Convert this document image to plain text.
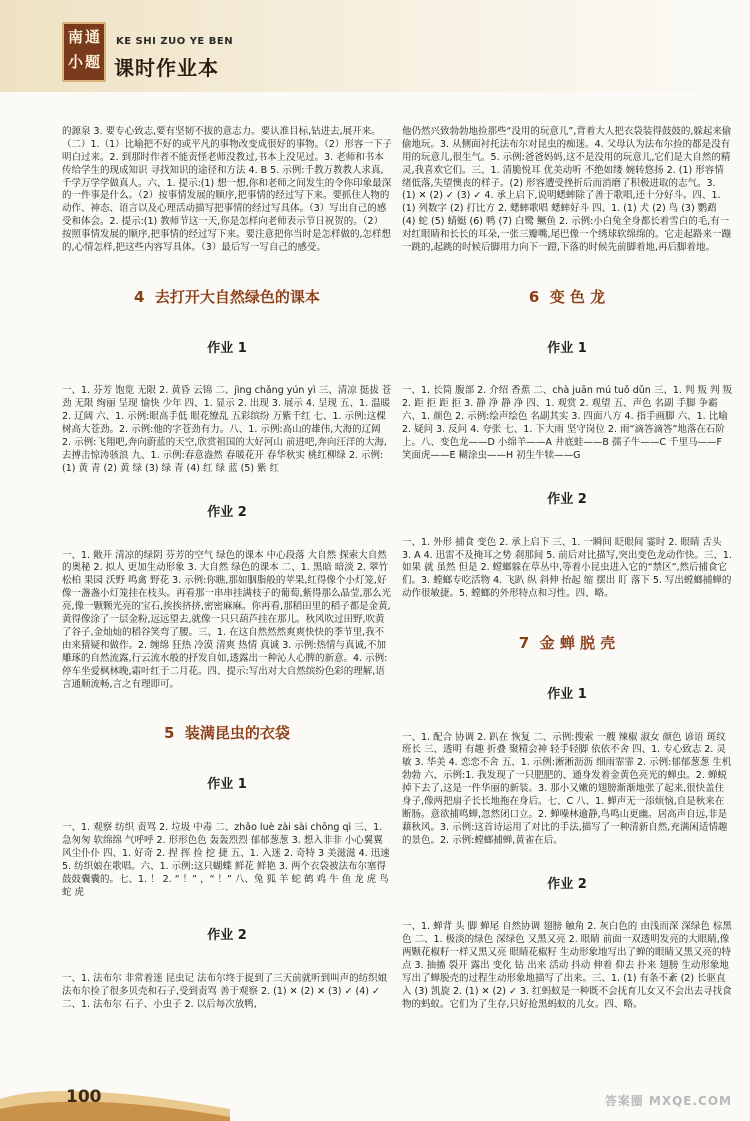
南 通
小 题
KE SHI ZUO YE BEN
课时作业本

的源泉 3. 要专心致志,要有坚韧不拔的意志力。要认准目标,钻进去,展开来。（二）1.（1）比喻把不好的或平凡的事物改变成很好的事物。（2）形容一下子明白过来。2. 到那时作者不能责怪老师没教过,书本上没见过。3. 老师和书本传给学生的现成知识 寻找知识的途径和方法 4. B 5. 示例:千教万教教人求真,千学万学学做真人。六、1. 提示:(1) 想一想,你和老师之间发生的令你印象最深的一件事是什么。（2）按事情发展的顺序,把事情的经过写下来。要抓住人物的动作、神态、语言以及心理活动描写把事情的经过写具体。（3）写出自己的感受和体会。2. 提示:(1) 教师节这一天,你是怎样向老师表示节日祝贺的。（2）按照事情发展的顺序,把事情的经过写下来。要注意把你当时是怎样做的,怎样想的,心情怎样,把这些内容写具体。（3）最后写一写自己的感受。

4  去打开大自然绿色的课本

作业 1

一、1. 芬芳 饱览 无限 2. 黄昏 云锦 二、jìng chǎng yún yì 三、清凉 挺拔 苍劲 无限 绚丽 呈现 愉快 少年 四、1. 显示 2. 出现 3. 展示 4. 呈现 五、1. 温暖 2. 辽阔 六、1. 示例:眼高手低 眼花缭乱 五彩缤纷 万紫千红 七、1. 示例:这棵树高大苍劲。2. 示例:他的字苍劲有力。八、1. 示例:高山的雄伟,大海的辽阔 2. 示例:飞翔吧,奔向蔚蓝的天空,欣赏祖国的大好河山 前进吧,奔向汪洋的大海,去搏击惊涛骇浪 九、1. 示例:春意盎然 春暖花开 春华秋实 桃红柳绿 2. 示例:(1) 黄 青 (2) 黄 绿 (3) 绿 青 (4) 红 绿 蓝 (5) 紫 红

作业 2

一、1. 敞开 清凉的绿阴 芬芳的空气 绿色的课本 中心段落 大自然 探索大自然的奥秘 2. 拟人 更加生动形象 3. 大自然 绿色的课本 二、1. 黑暗 暗淡 2. 翠竹 松柏 果园 沃野 鸣禽 野花 3. 示例:你瞧,那如胭脂般的苹果,红得像个小灯笼,好像一盏盏小灯笼挂在枝头。再看那一串串挂满枝子的葡萄,紫得那么晶莹,那么光亮,像一颗颗光亮的宝石,挨挨挤挤,密密麻麻。你再看,那稻田里的稻子都是金黄,黄得像涂了一层金粉,远远望去,就像一只只葫芦挂在那儿。秋风吹过田野,吹黄了谷子,金灿灿的稻谷笑弯了腰。三、1. 在这自然然然爽爽快快的季节里,我不由来猜疑和做作。2. 缠绵 狂热 冷漠 清爽 热情 真诚 3. 示例:热情与真诚,不加雕琢的自然流露,行云流水般的抒发自如,透露出一种沁人心脾的新意。4. 示例:停车坐爱枫林晚,霜叶红于二月花。四、提示:写出对大自然缤纷色彩的理解,语言通顺流畅,言之有理即可。

5  装满昆虫的衣袋

作业 1

一、1. 观察 纺织 责骂 2. 垃圾 中毒 二、zhǎo luè zài sài chōng qì 三、1. 急匆匆 软绵绵 气呼呼 2. 形形色色 轰轰烈烈 郁郁葱葱 3. 想入非非 小心翼翼 风尘仆仆 四、1. 好奇 2. 捏 挥 捡 挖 捷 五、1. 入迷 2. 奇特 3 美滋滋 4. 迅速 5. 纺织娘在歌唱。六、1. 示例:这只蝴蝶 鲜花 鲜艳 3. 两个衣袋被法布尔塞得鼓鼓囊囊的。七、1. ！ 2. “ ！” ，“ ！” 八、兔 狐 羊 蛇 鹤 鸡 牛 鱼 龙 虎 鸟 蛇 虎

作业 2

一、1. 法布尔 非常着迷 昆虫记 法布尔终于捉到了三天前就听到叫声的纺织娘 法布尔捡了很多贝壳和石子,受到责骂 善于观察 2. (1) ✕ (2) ✕ (3) ✓ (4) ✓ 二、1. 法布尔 石子、小虫子 2. 以后每次放鸭,

他仍然兴致勃勃地捡那些“没用的玩意儿”,背着大人把衣袋装得鼓鼓的,躲起来偷偷地玩。3. 从侧面衬托法布尔对昆虫的痴迷。4. 父母认为法布尔捡的都是没有用的玩意儿,很生气。5. 示例:爸爸妈妈,这不是没用的玩意儿,它们是大自然的精灵,我喜欢它们。三、1. 清脆悦耳 优美动听 不绝如缕 婉转悠扬 2. (1) 形容情绪低落,失望懊丧的样子。(2) 形容遭受挫折后而消磨了积极进取的志气。3. (1) ✕ (2) ✓ (3) ✓ 4. 承上启下,说明蟋蟀除了善于歌唱,还十分好斗。四、1. (1) 列数字 (2) 打比方 2. 蟋蟀歌唱 蟋蟀好斗 四、1. (1) 犬 (2) 鸟 (3) 鹦鹉 (4) 蛇 (5) 蜻蜓 (6) 鸭 (7) 白鹭 鳜鱼 2. 示例:小白兔全身都长着雪白的毛,有一对红眼睛和长长的耳朵,一张三瓣嘴,尾巴像一个绣球软绵绵的。它走起路来一蹦一跳的,起跳的时候后脚用力向下一蹬,下落的时候先前脚着地,再后脚着地。

6  变 色 龙

作业 1

一、1. 长筒 腹部 2. 介绍 香蕉 二、chà juān mú tuǒ dǔn 三、1. 判 叛 判 叛 2. 距 拒 距 拒 3. 静 净 静 净 四、1. 观赏 2. 观望 五、声色 名副 手脚 争霸 六、1. 颜色 2. 示例:绘声绘色 名副其实 3. 四面八方 4. 指手画脚 六、1. 比喻 2. 疑问 3. 反问 4. 夸张 七、1. 下大雨 坚守岗位 2. 雨“滴答滴答”地落在石阶上。八、变色龙——D 小绵羊——A 井底蛙——B 孺子牛——C 千里马——F 笑面虎——E 糊涂虫——H 初生牛犊——G

作业 2

一、1. 外形 捕食 变色 2. 承上启下 三、1. 一瞬间 眨眼间 霎时 2. 眼睛 舌头 3. A 4. 迅雷不及掩耳之势 刹那间 5. 前后对比描写,突出变色龙动作快。三、1. 如果 就 虽然 但是 2. 螳螂躲在草丛中,等着小昆虫进入它的“禁区”,然后捕食它们。3. 螳螂专吃活物 4. 飞趴 纵 斜伸 抬起 缩 摆出 盯 落下 5. 写出螳螂捕蝉的动作很敏捷。5. 螳螂的外形特点和习性。四、略。

7  金 蝉 脱 壳

作业 1

一、1. 配合 协调 2. 趴在 恢复 二、示例:搜索 一艘 辣椒 淑女 颜色 谚语 斑纹 班长 三、透明 有趣 折叠 聚精会神 轻手轻脚 依依不舍 四、1. 专心致志 2. 灵敏 3. 华美 4. 恋恋不舍 五、1. 示例:淅淅沥沥 细雨霏霏 2. 示例:郁郁葱葱 生机勃勃 六、示例:1. 我发现了一只肥肥的、通身发着金黄色亮光的蝉虫。2. 蝉蜕掉下去了,这是一件华丽的新装。3. 那小又嫩的翅膀渐渐地张了起来,很快盖住身子,像两把扇子长长地拖在身后。七、C 八、1. 蝉声无一添烦恼,自是秋来在断肠。意欲捕鸣蝉,忽然闭口立。2. 蝉噪林逾静,鸟鸣山更幽。居高声自远,非是藉秋风。3. 示例:这首诗运用了对比的手法,描写了一种清新自然,充满闲适情趣的景色。2. 示例:螳螂捕蝉,黄雀在后。

作业 2

一、1. 蝉背 头 脚 蝉尾 自然协调 翅膀 触角 2. 灰白色的 由浅而深 深绿色 棕黑色 二、1. 极淡的绿色 深绿色 又黑又亮 2. 眼睛 前面一双透明发亮的大眼睛,像两颗花椒籽一样又黑又亮 眼睛花椒籽 生动形象地写出了蝉的眼睛又黑又亮的特点 3. 抽搐 裂开 露出 变化 钻 出来 活动 抖动 伸着 仰去 扑来 翅膀 生动形象地写出了蝉脱壳的过程生动形象地描写了出来。三、1. (1) 有条不紊 (2) 长驱直入 (3) 凯旋 2. (1) ✕ (2) ✓ 3. 红蚂蚁是一种既不会抚育儿女又不会出去寻找食物的蚂蚁。它们为了生存,只好抢黑蚂蚁的儿女。四、略。

100	答案圈 MXQE.COM
